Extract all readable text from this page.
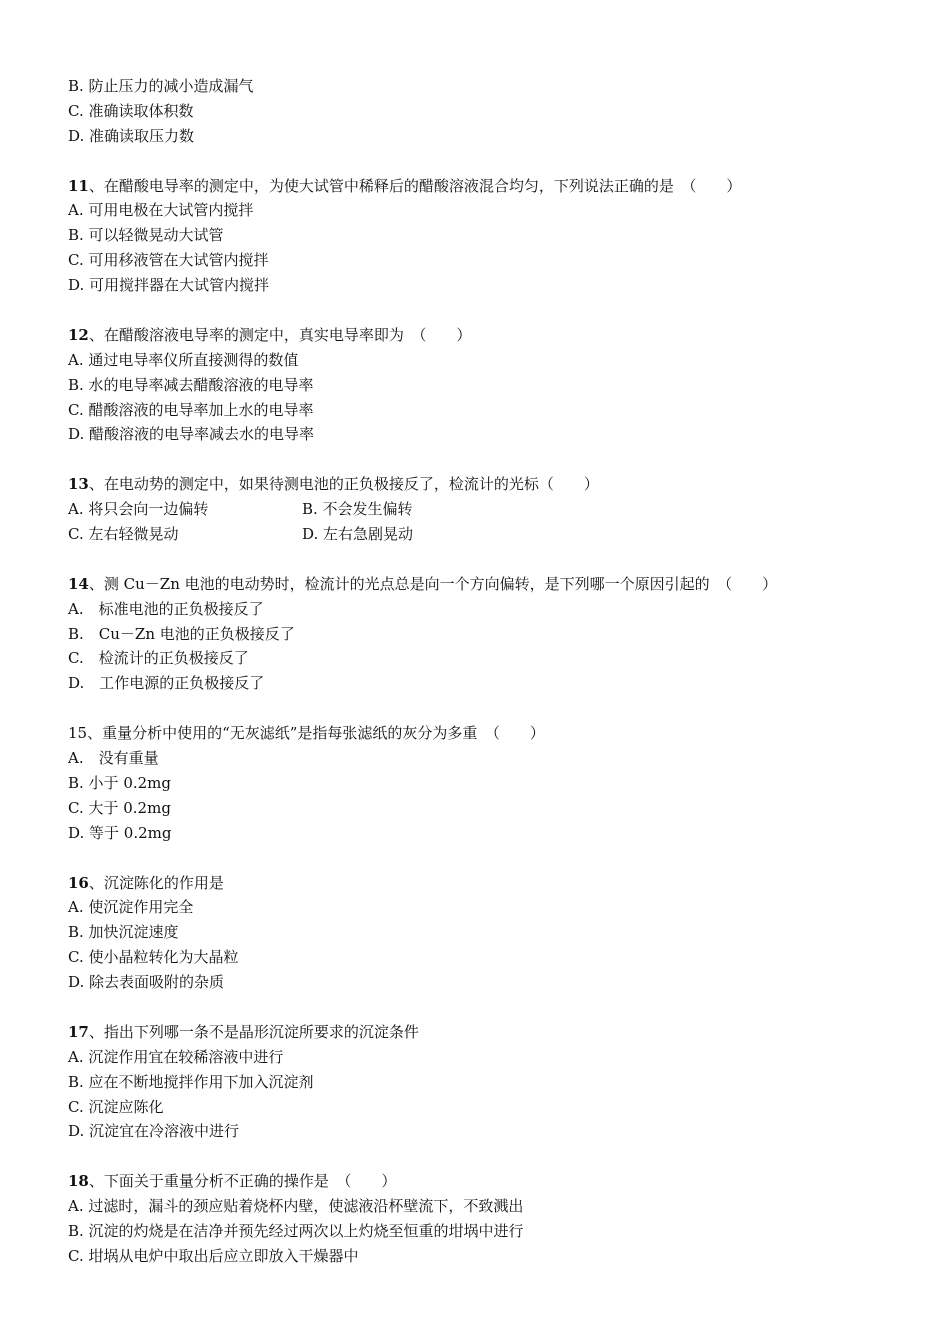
B. 防止压力的减小造成漏气
C. 准确读取体积数
D. 准确读取压力数
11、在醋酸电导率的测定中，为使大试管中稀释后的醋酸溶液混合均匀，下列说法正确的是　（　　）
A. 可用电极在大试管内搅拌
B. 可以轻微晃动大试管
C. 可用移液管在大试管内搅拌
D. 可用搅拌器在大试管内搅拌
12、在醋酸溶液电导率的测定中，真实电导率即为　（　　）
A. 通过电导率仪所直接测得的数值
B. 水的电导率减去醋酸溶液的电导率
C. 醋酸溶液的电导率加上水的电导率
D. 醋酸溶液的电导率减去水的电导率
13、在电动势的测定中，如果待测电池的正负极接反了，检流计的光标（　　）
A. 将只会向一边偏转	B. 不会发生偏转
C. 左右轻微晃动	D. 左右急剧晃动
14、测 Cu－Zn 电池的电动势时，检流计的光点总是向一个方向偏转，是下列哪一个原因引起的　（　　）
A.　标准电池的正负极接反了
B.　Cu－Zn 电池的正负极接反了
C.　检流计的正负极接反了
D.　工作电源的正负极接反了
15、重量分析中使用的“无灰滤纸”是指每张滤纸的灰分为多重　（　　）
A.　没有重量
B. 小于 0.2mg
C. 大于 0.2mg
D. 等于 0.2mg
16、沉淀陈化的作用是
A. 使沉淀作用完全
B. 加快沉淀速度
C. 使小晶粒转化为大晶粒
D. 除去表面吸附的杂质
17、指出下列哪一条不是晶形沉淀所要求的沉淀条件
A. 沉淀作用宜在较稀溶液中进行
B. 应在不断地搅拌作用下加入沉淀剂
C. 沉淀应陈化
D. 沉淀宜在冷溶液中进行
18、下面关于重量分析不正确的操作是　（　　）
A. 过滤时，漏斗的颈应贴着烧杯内壁，使滤液沿杯壁流下，不致溅出
B. 沉淀的灼烧是在洁净并预先经过两次以上灼烧至恒重的坩埚中进行
C. 坩埚从电炉中取出后应立即放入干燥器中
